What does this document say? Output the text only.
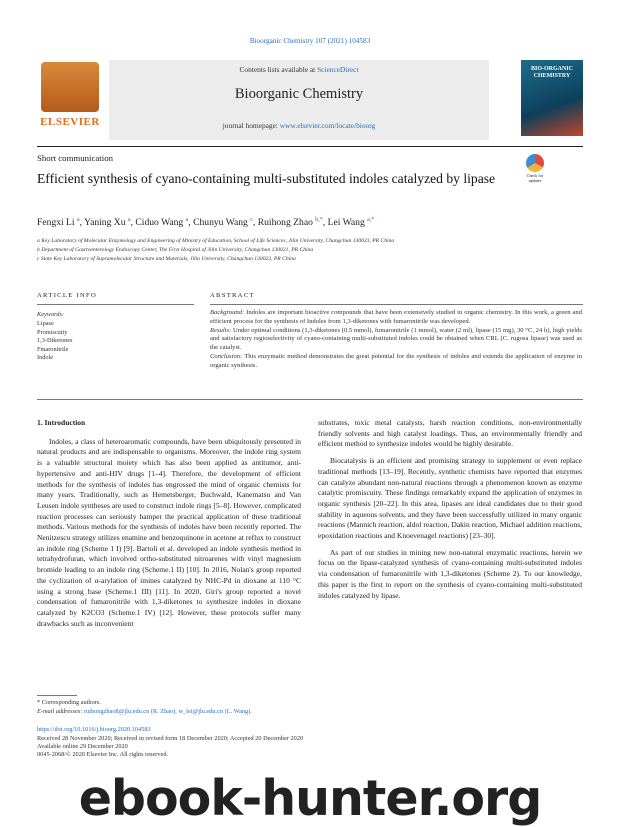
Bioorganic Chemistry 107 (2021) 104583
ELSEVIER
Contents lists available at ScienceDirect
Bioorganic Chemistry
journal homepage: www.elsevier.com/locate/bioorg
BIO-ORGANIC CHEMISTRY
Short communication
Efficient synthesis of cyano-containing multi-substituted indoles catalyzed by lipase	Check for updates
Fengxi Li $^a$, Yaning Xu $^a$, Ciduo Wang $^a$, Chunyu Wang $^c$, Ruihong Zhao $^{b,*}$, Lei Wang $^{a,*}$
a Key Laboratory of Molecular Enzymology and Engineering of Ministry of Education, School of Life Sciences, Jilin University, Changchun 130023, PR China
b Department of Gastroenterology Endoscopy Center, The First Hospital of Jilin University, Changchun 130021, PR China
c State Key Laboratory of Supramolecular Structure and Materials, Jilin University, Changchun 130023, PR China
ARTICLE INFO	ABSTRACT
Keywords:
Lipase
Promiscuity
1,3-Diketones
Fmaronitrile
Indole

Background: Indoles are important bioactive compounds that have been extensively studied in organic chemistry. In this work, a green and efficient process for the synthesis of Indoles from 1,3-diketones with fumaronitrile was developed.

Results: Under optimal conditions (1,3-diketones (0.5 mmol), fumaronitrile (1 mmol), water (2 ml), lipase (15 mg), 30 °C, 24 h), high yields and satisfactory regioselectivity of cyano-containing multi-substituted indoles could be obtained when CRL (C. rugosa lipase) was used as the catalyst.

Conclusion: This enzymatic method demonstrates the great potential for the synthesis of indoles and extends the application of enzyme in organic synthesis.

1. Introduction

Indoles, a class of heteroaromatic compounds, have been ubiquitously presented in natural products and are indispensable to organisms. Moreover, the indole ring system is a valuable structural moiety which has also been applied as antitumor, anti-hypertensive and anti-HIV drugs [1–4]. Therefore, the development of efficient methods for the synthesis of indoles has engrossed the mind of organic chemists for many years. Traditionally, such as Hemetsberger, Buchwald, Kanematsu and Van Leusen indole syntheses are used to construct indole rings [5–8]. However, complicated reaction processes can seriously hamper the practical application of these traditional methods. Various methods for the synthesis of indoles have been recently reported. The Nenitzescu strategy utilizes enamine and benzoquinone in acetone at reflux to construct an indole ring (Scheme 1 I) [9]. Bartoli et al. developed an indole synthesis method in tetrahydrofuran, which involved ortho-substituted nitroarenes with vinyl magnesium bromide leading to an indole ring (Scheme.1 II) [10]. In 2016, Nolan's group reported the cyclization of α-arylation of imines catalyzed by NHC-Pd in dioxane at 110 °C using a strong base (Scheme.1 III) [11]. In 2020, Giri's group reported a novel condensation of fumaronitrile with 1,3-diketones to synthesize indoles in dioxane catalyzed by K2CO3 (Scheme.1 IV) [12]. However, these protocols suffer many drawbacks such as inconvenient

substrates, toxic metal catalysts, harsh reaction conditions, non-environmentally friendly solvents and high catalyst loadings. Thus, an environmentally friendly and efficient method to synthesize indoles would be highly desirable.

Biocatalysis is an efficient and promising strategy to supplement or even replace traditional methods [13–19]. Recently, synthetic chemists have reported that enzymes can catalyze abundant non-natural reactions through a phenomenon known as enzyme catalytic promiscuity. These findings remarkably expand the application of enzymes in organic synthesis [20–22]. In this area, lipases are ideal candidates due to their good stability in aqueous solvents, and they have been successfully utilized in many organic reactions (Mannich reaction, aldol reaction, Dakin reaction, Michael addition reactions, epoxidation reactions and Knoevenagel reactions) [23–30].

As part of our studies in mining new non-natural enzymatic reactions, herein we focus on the lipase-catalyzed synthesis of cyano-containing multi-substituted indoles via condensation of fumaronitrile with 1,3-diketones (Scheme 2). To our knowledge, this paper is the first to report on the synthesis of cyano-containing multi-substituted indoles catalyzed by lipase.

* Corresponding authors.
E-mail addresses: ruihongzhao8@jlu.edu.cn (R. Zhao), w_lei@jlu.edu.cn (L. Wang).
https://doi.org/10.1016/j.bioorg.2020.104583
Received 28 November 2020; Received in revised form 18 December 2020; Accepted 20 December 2020
Available online 29 December 2020
0045-2068/© 2020 Elsevier Inc. All rights reserved.
ebook-hunter.org
